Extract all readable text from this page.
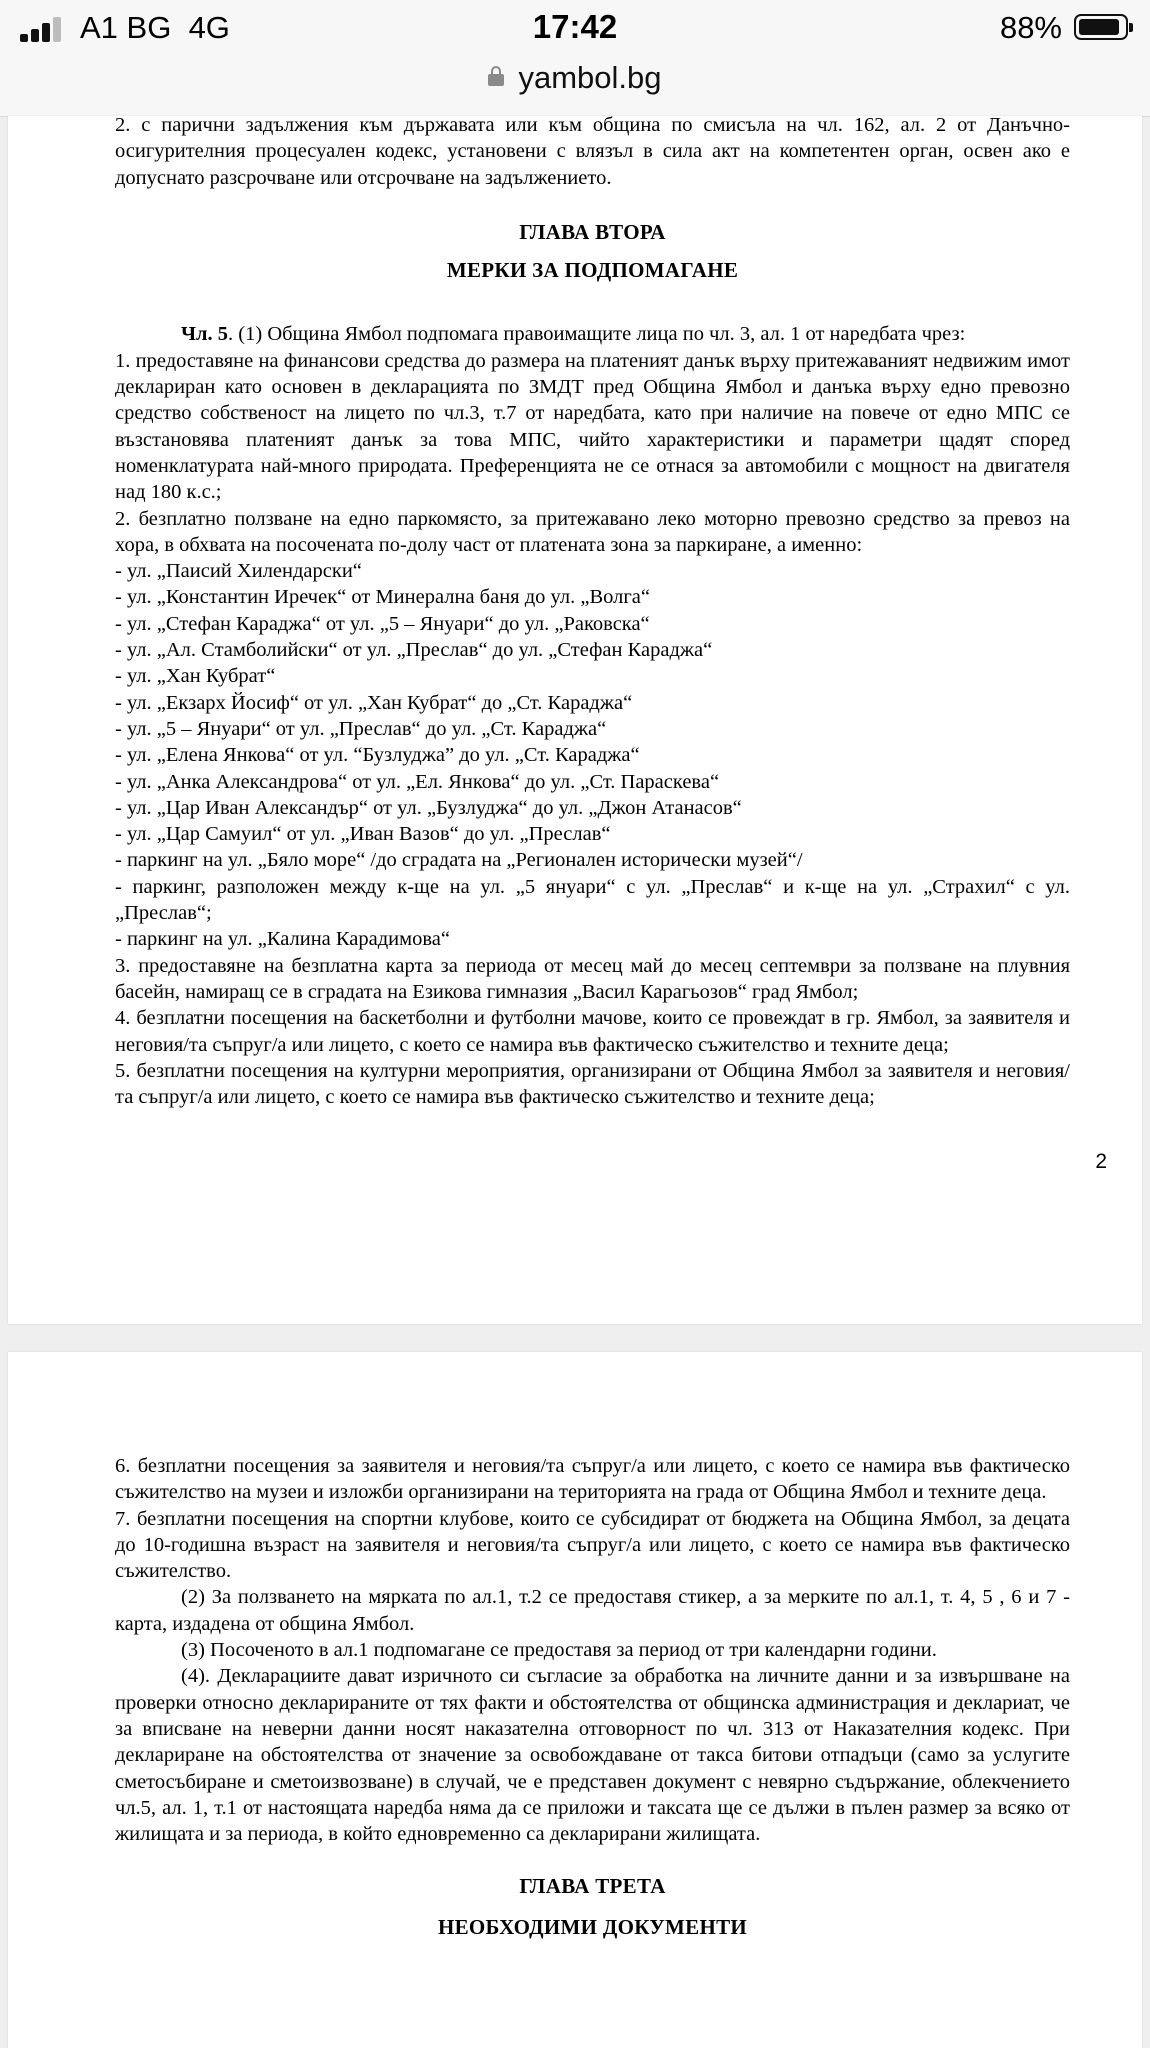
A1 BG 4G	17:42	88%
yambol.bg

2. с парични задължения към държавата или към община по смисъла на чл. 162, ал. 2 от Данъчно-осигурителния процесуален кодекс, установени с влязъл в сила акт на компетентен орган, освен ако е допуснато разсрочване или отсрочване на задължението.

ГЛАВА ВТОРА

МЕРКИ ЗА ПОДПОМАГАНЕ

Чл. 5. (1) Община Ямбол подпомага правоимащите лица по чл. 3, ал. 1 от наредбата чрез:

1. предоставяне на финансови средства до размера на платеният данък върху притежаваният недвижим имот деклариран като основен в декларацията по ЗМДТ пред Община Ямбол и данъка върху едно превозно средство собственост на лицето по чл.3, т.7 от наредбата, като при наличие на повече от едно МПС се възстановява платеният данък за това МПС, чийто характеристики и параметри щадят според номенклатурата най-много природата. Преференцията не се отнася за автомобили с мощност на двигателя над 180 к.с.;

2. безплатно ползване на едно паркомясто, за притежавано леко моторно превозно средство за превоз на хора, в обхвата на посочената по-долу част от платената зона за паркиране, а именно:

- ул. „Паисий Хилендарски“

- ул. „Константин Иречек“ от Минерална баня до ул. „Волга“

- ул. „Стефан Караджа“ от ул. „5 – Януари“ до ул. „Раковска“

- ул. „Ал. Стамболийски“ от ул. „Преслав“ до ул. „Стефан Караджа“

- ул. „Хан Кубрат“

- ул. „Екзарх Йосиф“ от ул. „Хан Кубрат“ до „Ст. Караджа“

- ул. „5 – Януари“ от ул. „Преслав“ до ул. „Ст. Караджа“

- ул. „Елена Янкова“ от ул. “Бузлуджа” до ул. „Ст. Караджа“

- ул. „Анка Александрова“ от ул. „Ел. Янкова“ до ул. „Ст. Параскева“

- ул. „Цар Иван Александър“ от ул. „Бузлуджа“ до ул. „Джон Атанасов“

- ул. „Цар Самуил“ от ул. „Иван Вазов“ до ул. „Преслав“

- паркинг на ул. „Бяло море“ /до сградата на „Регионален исторически музей“/

- паркинг, разположен между к-ще на ул. „5 януари“ с ул. „Преслав“ и к-ще на ул. „Страхил“ с ул. „Преслав“;

- паркинг на ул. „Калина Карадимова“

3. предоставяне на безплатна карта за периода от месец май до месец септември за ползване на плувния басейн, намиращ се в сградата на Езикова гимназия „Васил Карагьозов“ град Ямбол;

4. безплатни посещения на баскетболни и футболни мачове, които се провеждат в гр. Ямбол, за заявителя и неговия/та съпруг/а или лицето, с което се намира във фактическо съжителство и техните деца;

5. безплатни посещения на културни мероприятия, организирани от Община Ямбол за заявителя и неговия/та съпруг/а или лицето, с което се намира във фактическо съжителство и техните деца;

2

6. безплатни посещения за заявителя и неговия/та съпруг/а или лицето, с което се намира във фактическо съжителство на музеи и изложби организирани на територията на града от Община Ямбол и техните деца.

7. безплатни посещения на спортни клубове, които се субсидират от бюджета на Община Ямбол, за децата до 10-годишна възраст на заявителя и неговия/та съпруг/а или лицето, с което се намира във фактическо съжителство.

(2) За ползването на мярката по ал.1, т.2 се предоставя стикер, а за мерките по ал.1, т. 4, 5 , 6 и 7 - карта, издадена от община Ямбол.

(3) Посоченото в ал.1 подпомагане се предоставя за период от три календарни години.

(4). Декларациите дават изричното си съгласие за обработка на личните данни и за извършване на проверки относно декларираните от тях факти и обстоятелства от общинска администрация и деклариат, че за вписване на неверни данни носят наказателна отговорност по чл. 313 от Наказателния кодекс. При деклариране на обстоятелства от значение за освобождаване от такса битови отпадъци (само за услугите сметосъбиране и сметоизвозване) в случай, че е представен документ с невярно съдържание, облекчението чл.5, ал. 1, т.1 от настоящата наредба няма да се приложи и таксата ще се дължи в пълен размер за всяко от жилищата и за периода, в който едновременно са декларирани жилищата.

ГЛАВА ТРЕТА

НЕОБХОДИМИ ДОКУМЕНТИ
